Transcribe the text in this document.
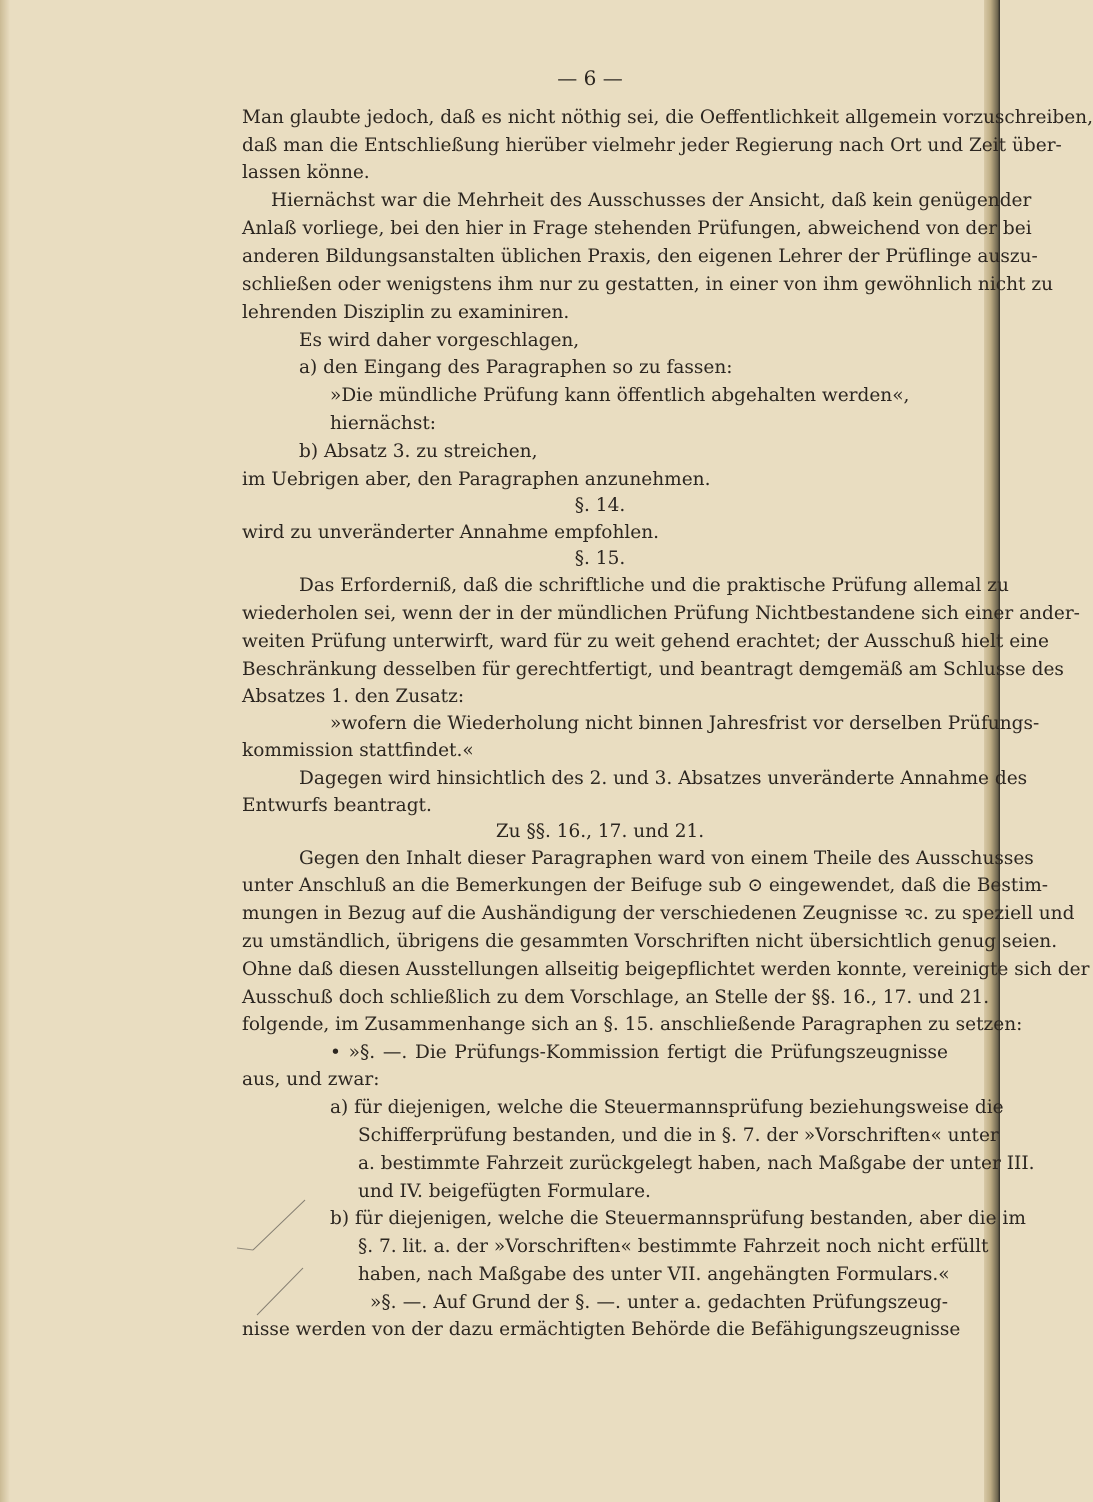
— 6 —
Man glaubte jedoch, daß es nicht nöthig sei, die Oeffentlichkeit allgemein vorzuschreiben,
daß man die Entschließung hierüber vielmehr jeder Regierung nach Ort und Zeit über-
lassen könne.
Hiernächst war die Mehrheit des Ausschusses der Ansicht, daß kein genügender
Anlaß vorliege, bei den hier in Frage stehenden Prüfungen, abweichend von der bei
anderen Bildungsanstalten üblichen Praxis, den eigenen Lehrer der Prüflinge auszu-
schließen oder wenigstens ihm nur zu gestatten, in einer von ihm gewöhnlich nicht zu
lehrenden Disziplin zu examiniren.
Es wird daher vorgeschlagen,
a) den Eingang des Paragraphen so zu fassen:
»Die mündliche Prüfung kann öffentlich abgehalten werden«,
hiernächst:
b) Absatz 3. zu streichen,
im Uebrigen aber, den Paragraphen anzunehmen.
§. 14.
wird zu unveränderter Annahme empfohlen.
§. 15.
Das Erforderniß, daß die schriftliche und die praktische Prüfung allemal zu
wiederholen sei, wenn der in der mündlichen Prüfung Nichtbestandene sich einer ander-
weiten Prüfung unterwirft, ward für zu weit gehend erachtet; der Ausschuß hielt eine
Beschränkung desselben für gerechtfertigt, und beantragt demgemäß am Schlusse des
Absatzes 1. den Zusatz:
»wofern die Wiederholung nicht binnen Jahresfrist vor derselben Prüfungs-
kommission stattfindet.«
Dagegen wird hinsichtlich des 2. und 3. Absatzes unveränderte Annahme des
Entwurfs beantragt.
Zu §§. 16., 17. und 21.
Gegen den Inhalt dieser Paragraphen ward von einem Theile des Ausschusses
unter Anschluß an die Bemerkungen der Beifuge sub ⊙ eingewendet, daß die Bestim-
mungen in Bezug auf die Aushändigung der verschiedenen Zeugnisse ꝛc. zu speziell und
zu umständlich, übrigens die gesammten Vorschriften nicht übersichtlich genug seien.
Ohne daß diesen Ausstellungen allseitig beigepflichtet werden konnte, vereinigte sich der
Ausschuß doch schließlich zu dem Vorschlage, an Stelle der §§. 16., 17. und 21.
folgende, im Zusammenhange sich an §. 15. anschließende Paragraphen zu setzen:
• »§. —. Die Prüfungs-Kommission fertigt die Prüfungszeugnisse
aus, und zwar:
a) für diejenigen, welche die Steuermannsprüfung beziehungsweise die
Schifferprüfung bestanden, und die in §. 7. der »Vorschriften« unter
a. bestimmte Fahrzeit zurückgelegt haben, nach Maßgabe der unter III.
und IV. beigefügten Formulare.
b) für diejenigen, welche die Steuermannsprüfung bestanden, aber die im
§. 7. lit. a. der »Vorschriften« bestimmte Fahrzeit noch nicht erfüllt
haben, nach Maßgabe des unter VII. angehängten Formulars.«
»§. —. Auf Grund der §. —. unter a. gedachten Prüfungszeug-
nisse werden von der dazu ermächtigten Behörde die Befähigungszeugnisse
